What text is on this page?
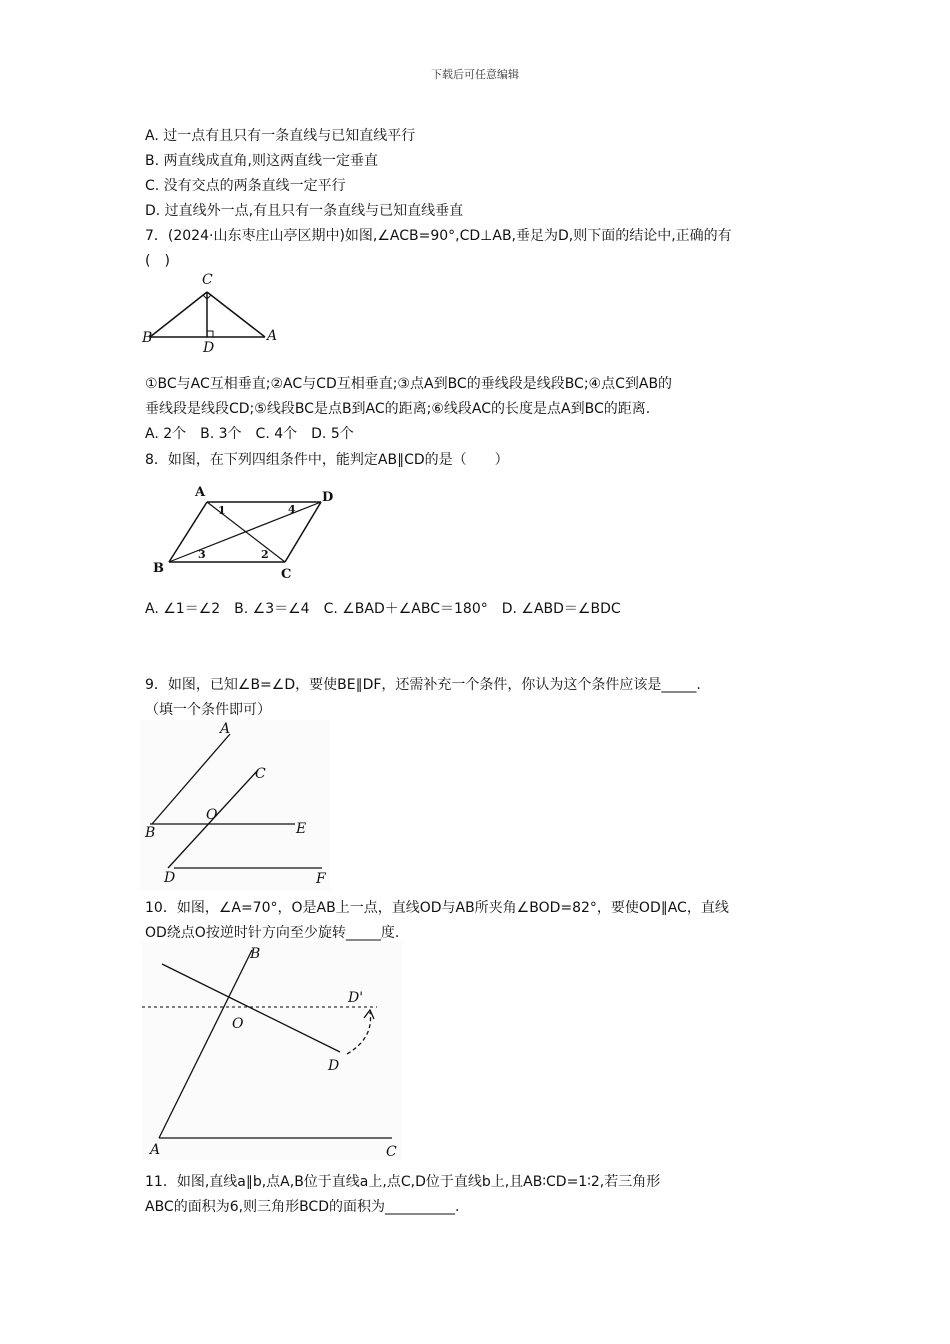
下载后可任意编辑
A. 过一点有且只有一条直线与已知直线平行
B. 两直线成直角,则这两直线一定垂直
C. 没有交点的两条直线一定平行
D. 过直线外一点,有且只有一条直线与已知直线垂直
7．(2024·山东枣庄山亭区期中)如图,∠ACB=90°,CD⊥AB,垂足为D,则下面的结论中,正确的有
(　)
C
B
D
A
①BC与AC互相垂直;②AC与CD互相垂直;③点A到BC的垂线段是线段BC;④点C到AB的
垂线段是线段CD;⑤线段BC是点B到AC的距离;⑥线段AC的长度是点A到BC的距离.
A. 2个　B. 3个　C. 4个　D. 5个
8．如图，在下列四组条件中，能判定AB∥CD的是（　　）
A	D
B	C
1
2
3
4
A. ∠1＝∠2　B. ∠3＝∠4　C. ∠BAD＋∠ABC＝180°　D. ∠ABD＝∠BDC
9．如图，已知∠B=∠D，要使BE∥DF，还需补充一个条件，你认为这个条件应该是_____.
（填一个条件即可）
A
C
O
B	E
D	F
10．如图，∠A=70°，O是AB上一点，直线OD与AB所夹角∠BOD=82°，要使OD∥AC，直线
OD绕点O按逆时针方向至少旋转_____度.
B
D'
O
D
A	C
11．如图,直线a∥b,点A,B位于直线a上,点C,D位于直线b上,且AB∶CD=1∶2,若三角形
ABC的面积为6,则三角形BCD的面积为__________.
